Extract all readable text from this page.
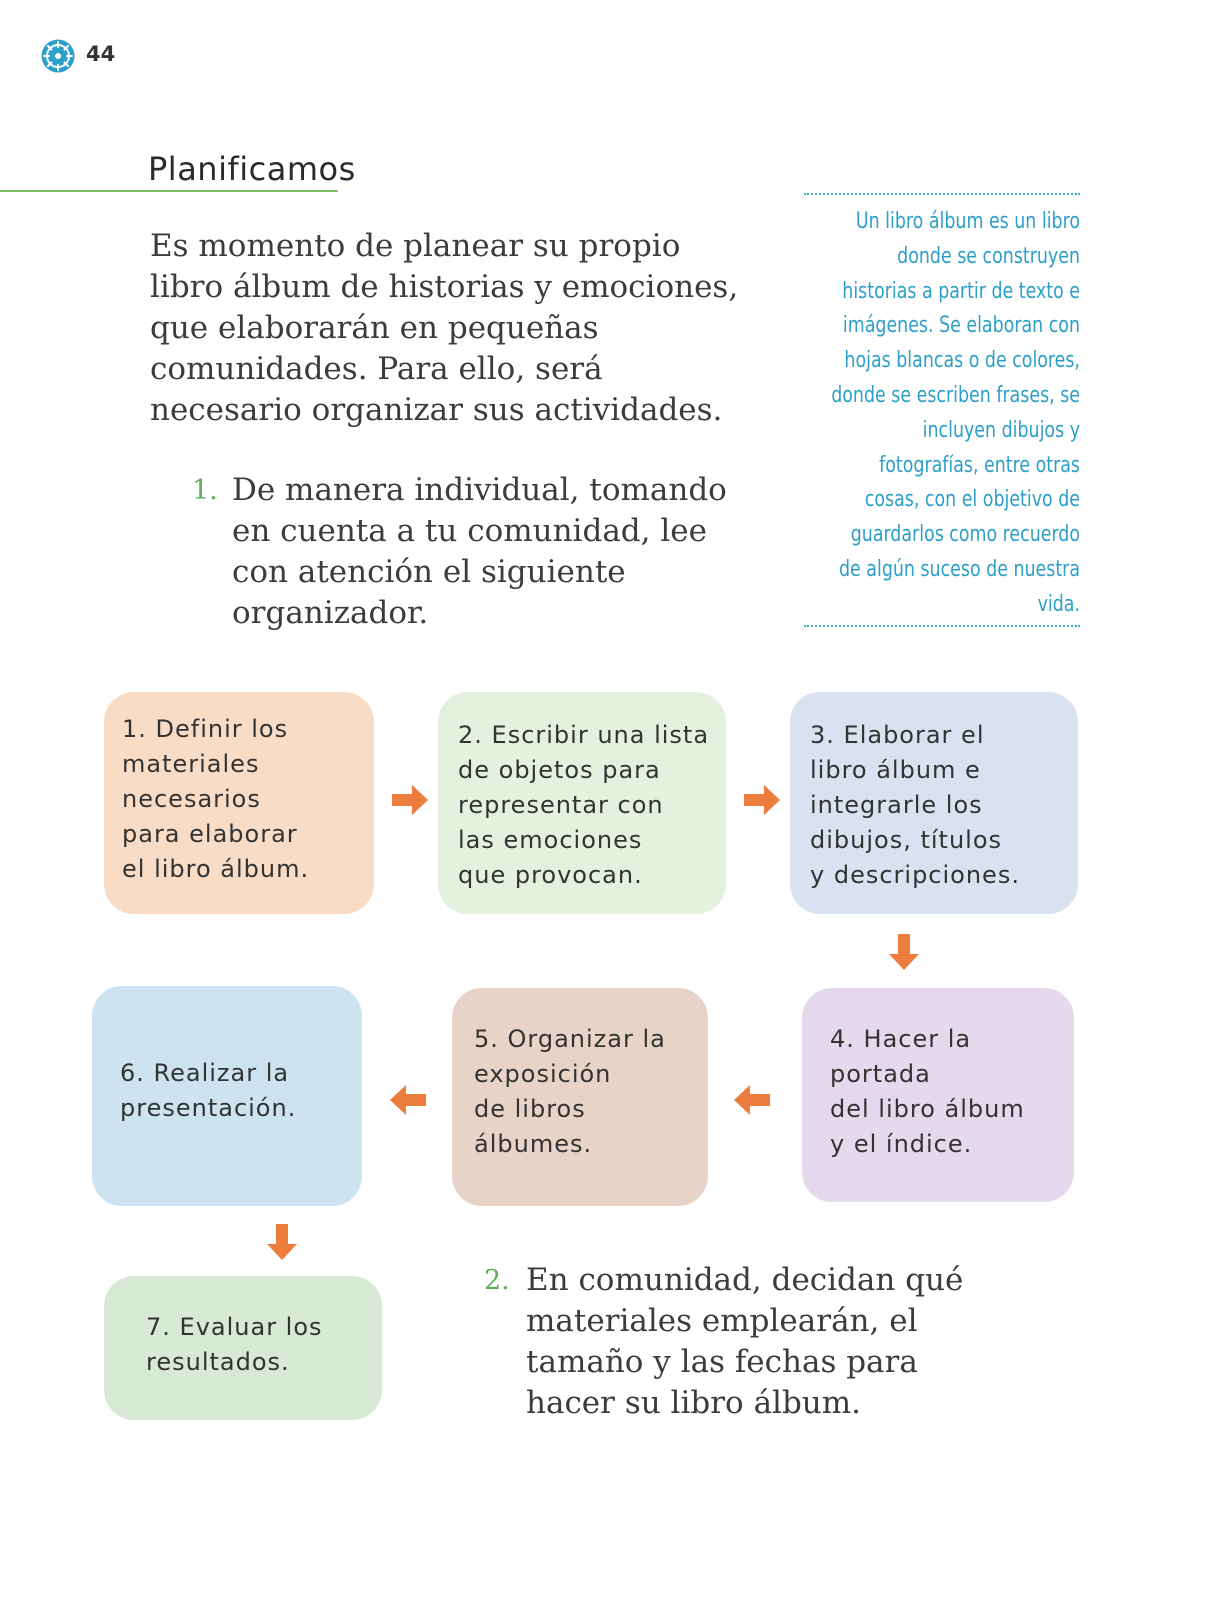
44
Planificamos
Es momento de planear su propio libro álbum de historias y emociones, que elaborarán en pequeñas comunidades. Para ello, será necesario organizar sus actividades.
1. De manera individual, tomando en cuenta a tu comunidad, lee con atención el siguiente organizador.
Un libro álbum es un libro donde se construyen historias a partir de texto e imágenes. Se elaboran con hojas blancas o de colores, donde se escriben frases, se incluyen dibujos y fotografías, entre otras cosas, con el objetivo de guardarlos como recuerdo de algún suceso de nuestra vida.
1. Definir los
materiales
necesarios
para elaborar
el libro álbum.
2. Escribir una lista
de objetos para
representar con
las emociones
que provocan.
3. Elaborar el
libro álbum e
integrarle los
dibujos, títulos
y descripciones.
4. Hacer la
portada
del libro álbum
y el índice.
5. Organizar la
exposición
de libros
álbumes.
6. Realizar la
presentación.
7. Evaluar los
resultados.
2. En comunidad, decidan qué materiales emplearán, el tamaño y las fechas para hacer su libro álbum.
